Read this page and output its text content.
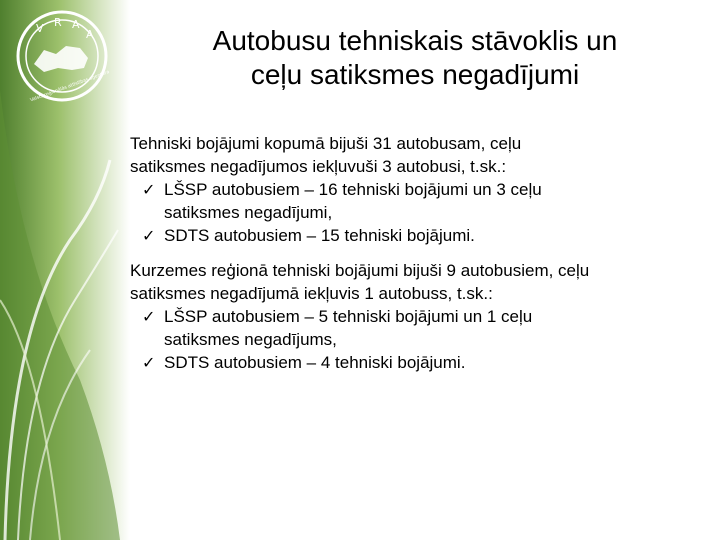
V R A
A
Valsts reģionālās attīstības aģentūra
Autobusu tehniskais stāvoklis un
ceļu satiksmes negadījumi
Tehniski bojājumi kopumā bijuši 31 autobusam, ceļu
satiksmes negadījumos iekļuvuši 3 autobusi, t.sk.:
✓ LŠSP autobusiem – 16 tehniski bojājumi un 3 ceļu
satiksmes negadījumi,
✓ SDTS autobusiem – 15 tehniski bojājumi.
Kurzemes reģionā tehniski bojājumi bijuši 9 autobusiem, ceļu
satiksmes negadījumā iekļuvis 1 autobuss, t.sk.:
✓ LŠSP autobusiem – 5 tehniski bojājumi un 1 ceļu
satiksmes negadījums,
✓ SDTS autobusiem – 4 tehniski bojājumi.
